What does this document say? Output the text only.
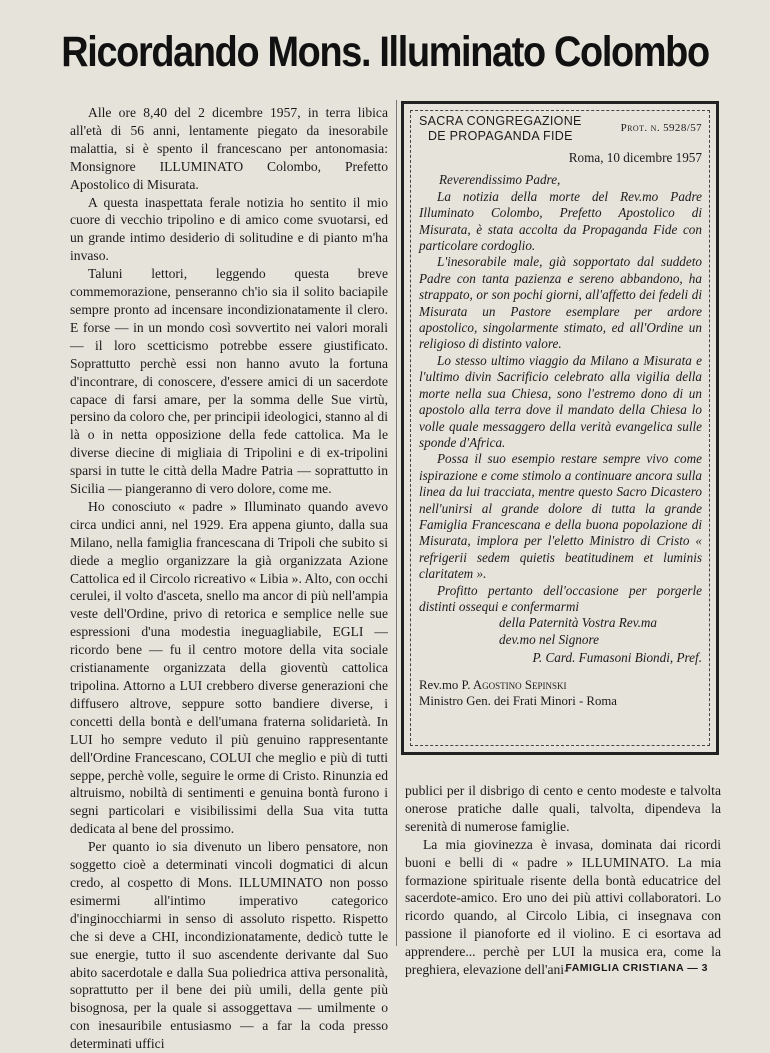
Ricordando Mons. Illuminato Colombo

Alle ore 8,40 del 2 dicembre 1957, in terra libica all'età di 56 anni, lentamente piegato da inesorabile malattia, si è spento il francescano per antonomasia: Monsignore ILLUMINATO Colombo, Prefetto Apostolico di Misurata.

A questa inaspettata ferale notizia ho sentito il mio cuore di vecchio tripolino e di amico come svuotarsi, ed un grande intimo desiderio di solitudine e di pianto m'ha invaso.

Taluni lettori, leggendo questa breve commemorazione, penseranno ch'io sia il solito baciapile sempre pronto ad incensare incondizionatamente il clero. E forse — in un mondo così sovvertito nei valori morali — il loro scetticismo potrebbe essere giustificato. Soprattutto perchè essi non hanno avuto la fortuna d'incontrare, di conoscere, d'essere amici di un sacerdote capace di farsi amare, per la somma delle Sue virtù, persino da coloro che, per principii ideologici, stanno al di là o in netta opposizione della fede cattolica. Ma le diverse diecine di migliaia di Tripolini e di ex-tripolini sparsi in tutte le città della Madre Patria — soprattutto in Sicilia — piangeranno di vero dolore, come me.

Ho conosciuto « padre » Illuminato quando avevo circa undici anni, nel 1929. Era appena giunto, dalla sua Milano, nella famiglia francescana di Tripoli che subito si diede a meglio organizzare la già organizzata Azione Cattolica ed il Circolo ricreativo « Libia ». Alto, con occhi cerulei, il volto d'asceta, snello ma ancor di più nell'ampia veste dell'Ordine, privo di retorica e semplice nelle sue espressioni d'una modestia ineguagliabile, EGLI — ricordo bene — fu il centro motore della vita sociale cristianamente organizzata della gioventù cattolica tripolina. Attorno a LUI crebbero diverse generazioni che diffusero altrove, seppure sotto bandiere diverse, i concetti della bontà e dell'umana fraterna solidarietà. In LUI ho sempre veduto il più genuino rappresentante dell'Ordine Francescano, COLUI che meglio e più di tutti seppe, perchè volle, seguire le orme di Cristo. Rinunzia ed altruismo, nobiltà di sentimenti e genuina bontà furono i segni particolari e visibilissimi della Sua vita tutta dedicata al bene del prossimo.

Per quanto io sia divenuto un libero pensatore, non soggetto cioè a determinati vincoli dogmatici di alcun credo, al cospetto di Mons. ILLUMINATO non posso esimermi all'intimo imperativo categorico d'inginocchiarmi in senso di assoluto rispetto. Rispetto che si deve a CHI, incondizionatamente, dedicò tutte le sue energie, tutto il suo ascendente derivante dal Suo abito sacerdotale e dalla Sua poliedrica attiva personalità, soprattutto per il bene dei più umili, della gente più bisognosa, per la quale si assoggettava — umilmente o con inesauribile entusiasmo — a far la coda presso determinati uffici

SACRA CONGREGAZIONE
DE PROPAGANDA FIDE
Prot. n. 5928/57
Roma, 10 dicembre 1957
Reverendissimo Padre,

La notizia della morte del Rev.mo Padre Illuminato Colombo, Prefetto Apostolico di Misurata, è stata accolta da Propaganda Fide con particolare cordoglio.

L'inesorabile male, già sopportato dal suddeto Padre con tanta pazienza e sereno abbandono, ha strappato, or son pochi giorni, all'affetto dei fedeli di Misurata un Pastore esemplare per ardore apostolico, singolarmente stimato, ed all'Ordine un religioso di distinto valore.

Lo stesso ultimo viaggio da Milano a Misurata e l'ultimo divin Sacrificio celebrato alla vigilia della morte nella sua Chiesa, sono l'estremo dono di un apostolo alla terra dove il mandato della Chiesa lo volle quale messaggero della verità evangelica sulle sponde d'Africa.

Possa il suo esempio restare sempre vivo come ispirazione e come stimolo a continuare ancora sulla linea da lui tracciata, mentre questo Sacro Dicastero nell'unirsi al grande dolore di tutta la grande Famiglia Francescana e della buona popolazione di Misurata, implora per l'eletto Ministro di Cristo « refrigerii sedem quietis beatitudinem et luminis claritatem ».

Profitto pertanto dell'occasione per porgerle distinti ossequi e confermarmi

della Paternità Vostra Rev.ma
dev.mo nel Signore
P. Card. Fumasoni Biondi, Pref.
Rev.mo P. Agostino Sepinski
Ministro Gen. dei Frati Minori - Roma

publici per il disbrigo di cento e cento modeste e talvolta onerose pratiche dalle quali, talvolta, dipendeva la serenità di numerose famiglie.

La mia giovinezza è invasa, dominata dai ricordi buoni e belli di « padre » ILLUMINATO. La mia formazione spirituale risente della bontà educatrice del sacerdote-amico. Ero uno dei più attivi collaboratori. Lo ricordo quando, al Circolo Libia, ci insegnava con passione il pianoforte ed il violino. E ci esortava ad apprendere... perchè per LUI la musica era, come la preghiera, elevazione dell'ani-

FAMIGLIA CRISTIANA — 3
